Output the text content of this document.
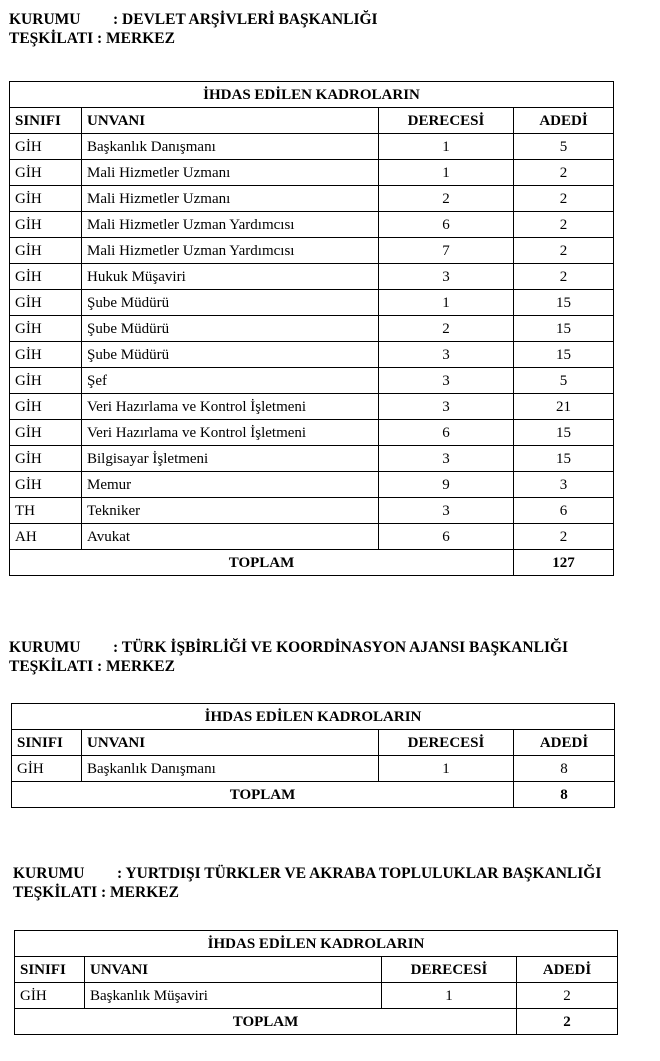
KURUMU : DEVLET ARŞİVLERİ BAŞKANLIĞI
TEŞKİLATI : MERKEZ
İHDAS EDİLEN KADROLARIN			
SINIFI	UNVANI	DERECESİ	ADEDİ
GİH	Başkanlık Danışmanı	1	5
GİH	Mali Hizmetler Uzmanı	1	2
GİH	Mali Hizmetler Uzmanı	2	2
GİH	Mali Hizmetler Uzman Yardımcısı	6	2
GİH	Mali Hizmetler Uzman Yardımcısı	7	2
GİH	Hukuk Müşaviri	3	2
GİH	Şube Müdürü	1	15
GİH	Şube Müdürü	2	15
GİH	Şube Müdürü	3	15
GİH	Şef	3	5
GİH	Veri Hazırlama ve Kontrol İşletmeni	3	21
GİH	Veri Hazırlama ve Kontrol İşletmeni	6	15
GİH	Bilgisayar İşletmeni	3	15
GİH	Memur	9	3
TH	Tekniker	3	6
AH	Avukat	6	2
TOPLAM			127
KURUMU : TÜRK İŞBİRLİĞİ VE KOORDİNASYON AJANSI BAŞKANLIĞI
TEŞKİLATI : MERKEZ
İHDAS EDİLEN KADROLARIN			
SINIFI	UNVANI	DERECESİ	ADEDİ
GİH	Başkanlık Danışmanı	1	8
TOPLAM			8
KURUMU : YURTDIŞI TÜRKLER VE AKRABA TOPLULUKLAR BAŞKANLIĞI
TEŞKİLATI : MERKEZ
İHDAS EDİLEN KADROLARIN			
SINIFI	UNVANI	DERECESİ	ADEDİ
GİH	Başkanlık Müşaviri	1	2
TOPLAM			2
